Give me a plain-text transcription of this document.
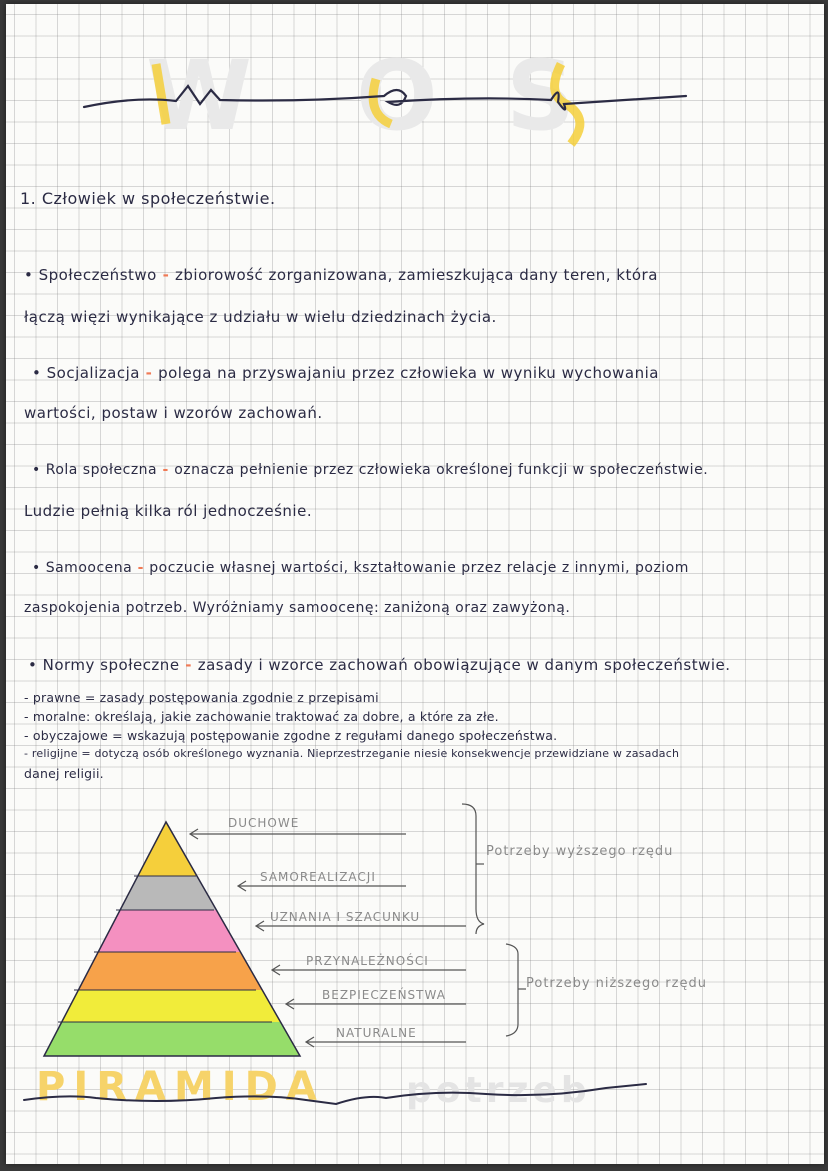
W O S
1. Człowiek w społeczeństwie.
• Społeczeństwo - zbiorowość zorganizowana, zamieszkująca dany teren, która
łączą więzi wynikające z udziału w wielu dziedzinach życia.
• Socjalizacja - polega na przyswajaniu przez człowieka w wyniku wychowania
wartości, postaw i wzorów zachowań.
• Rola społeczna - oznacza pełnienie przez człowieka określonej funkcji w społeczeństwie.
Ludzie pełnią kilka ról jednocześnie.
• Samoocena - poczucie własnej wartości, kształtowanie przez relacje z innymi, poziom
zaspokojenia potrzeb. Wyróżniamy samoocenę: zaniżoną oraz zawyżoną.
• Normy społeczne - zasady i wzorce zachowań obowiązujące w danym społeczeństwie.
- prawne = zasady postępowania zgodnie z przepisami
- moralne: określają, jakie zachowanie traktować za dobre, a które za złe.
- obyczajowe = wskazują postępowanie zgodne z regułami danego społeczeństwa.
- religijne = dotyczą osób określonego wyznania. Nieprzestrzeganie niesie konsekwencje przewidziane w zasadach
danej religii.
DUCHOWE
SAMOREALIZACJI
UZNANIA I SZACUNKU
PRZYNALEŻNOŚCI
BEZPIECZEŃSTWA
NATURALNE
Potrzeby wyższego rzędu
Potrzeby niższego rzędu
PIRAMIDA potrzeb
